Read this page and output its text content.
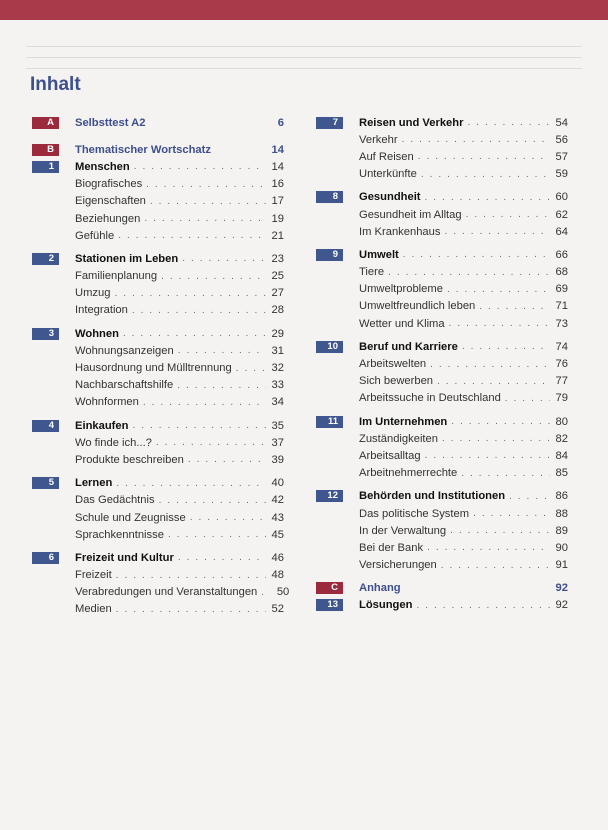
Inhalt
A	Selbsttest A2	6
B	Thematischer Wortschatz	14
1	Menschen . . .	14
Biografisches . . .	16
Eigenschaften . . .	17
Beziehungen . . .	19
Gefühle . . .	21
2	Stationen im Leben . . .	23
Familienplanung . . .	25
Umzug . . .	27
Integration . . .	28
3	Wohnen . . .	29
Wohnungsanzeigen . . .	31
Hausordnung und Mülltrennung . . .	32
Nachbarschaftshilfe . . .	33
Wohnformen . . .	34
4	Einkaufen . . .	35
Wo finde ich...? . . .	37
Produkte beschreiben . . .	39
5	Lernen . . .	40
Das Gedächtnis . . .	42
Schule und Zeugnisse . . .	43
Sprachkenntnisse . . .	45
6	Freizeit und Kultur . . .	46
Freizeit . . .	48
Verabredungen und Veranstaltungen . . . 50
Medien . . .	52
7	Reisen und Verkehr . . .	54
Verkehr . . .	56
Auf Reisen . . .	57
Unterkünfte . . .	59
8	Gesundheit . . .	60
Gesundheit im Alltag . . .	62
Im Krankenhaus . . .	64
9	Umwelt . . .	66
Tiere . . .	68
Umweltprobleme . . .	69
Umweltfreundlich leben . . .	71
Wetter und Klima . . .	73
10	Beruf und Karriere . . .	74
Arbeitswelten . . .	76
Sich bewerben . . .	77
Arbeitssuche in Deutschland . . .	79
11	Im Unternehmen . . .	80
Zuständigkeiten . . .	82
Arbeitsalltag . . .	84
Arbeitnehmerrechte . . .	85
12	Behörden und Institutionen . . .	86
Das politische System . . .	88
In der Verwaltung . . .	89
Bei der Bank . . .	90
Versicherungen . . .	91
C	Anhang	92
13	Lösungen . . .	92
